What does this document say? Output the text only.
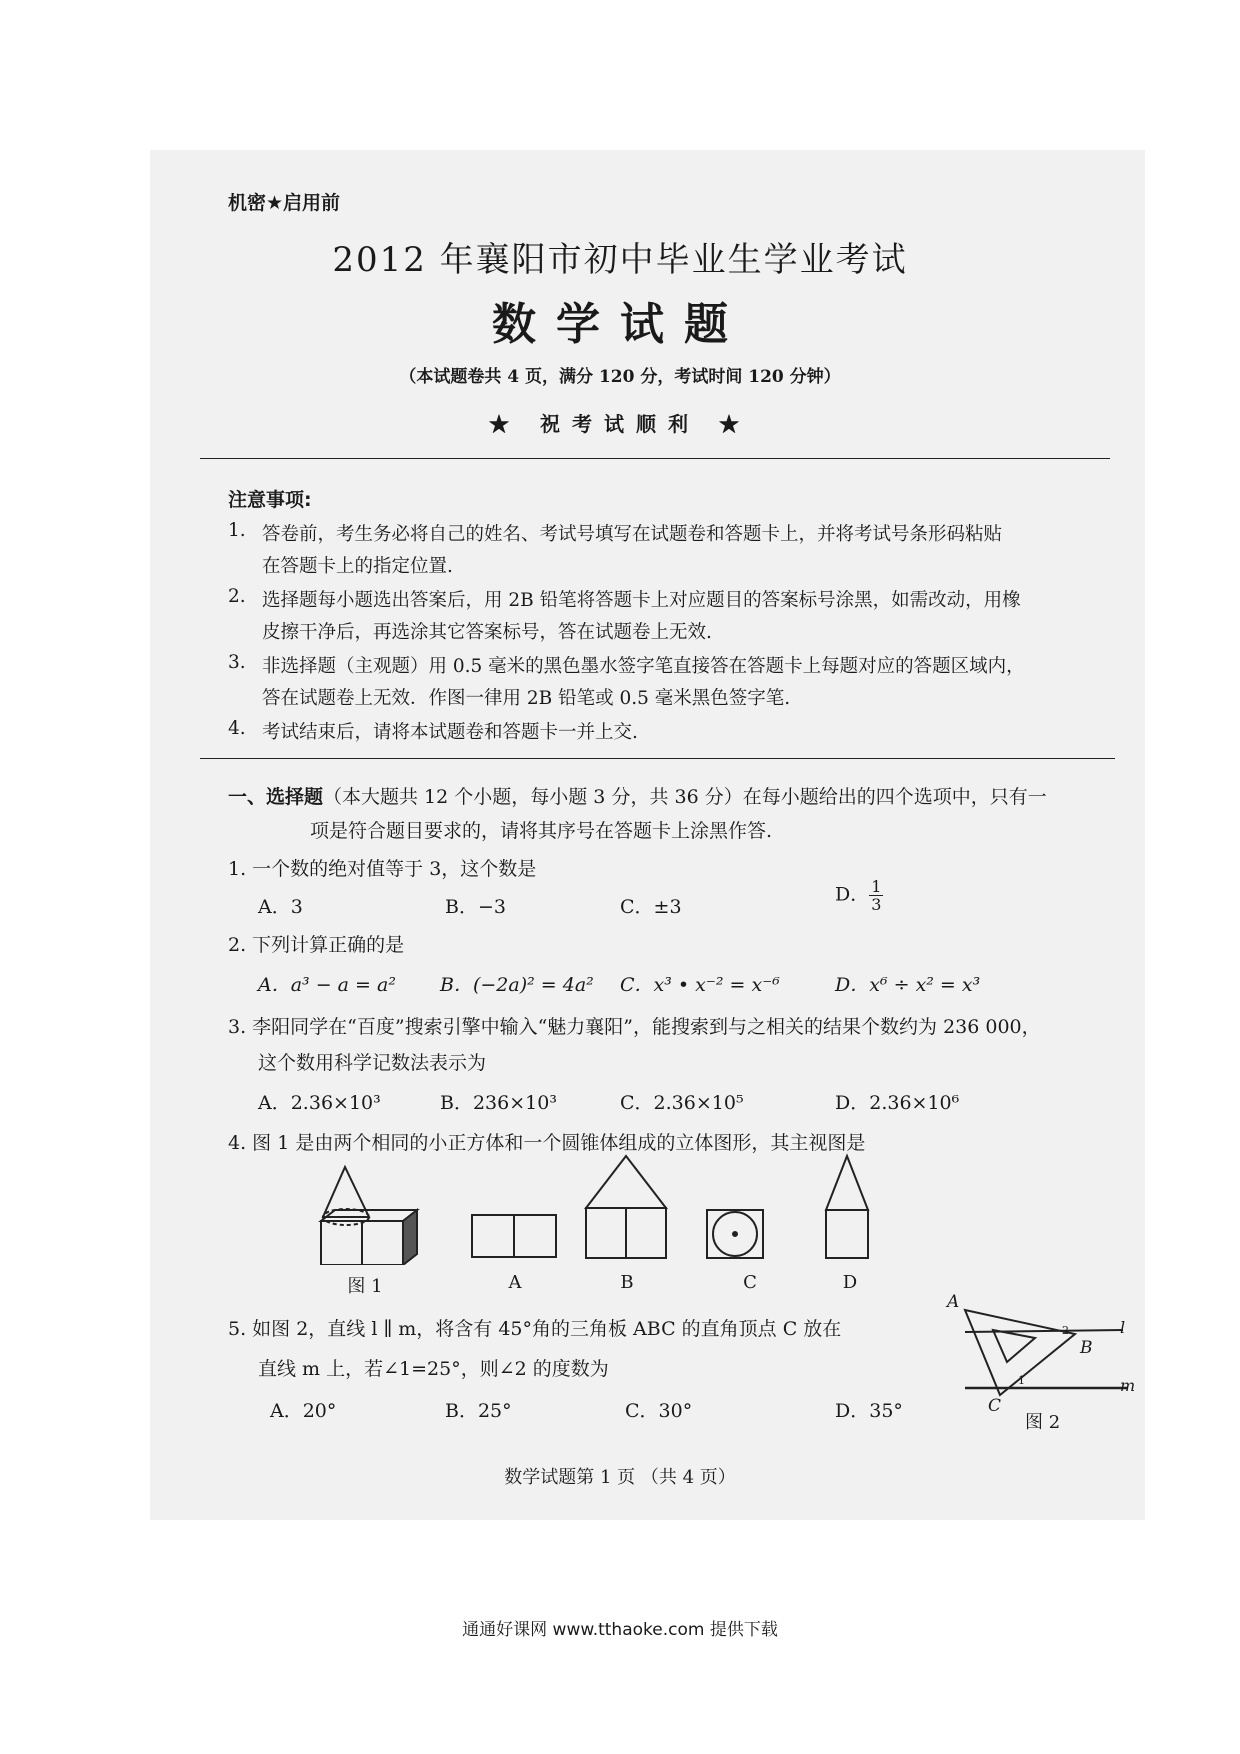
机密★启用前
2012 年襄阳市初中毕业生学业考试
数学试题
（本试题卷共 4 页，满分 120 分，考试时间 120 分钟）
★ 祝考试顺利 ★
注意事项:
1. 答卷前，考生务必将自己的姓名、考试号填写在试题卷和答题卡上，并将考试号条形码粘贴
在答题卡上的指定位置.
2. 选择题每小题选出答案后，用 2B 铅笔将答题卡上对应题目的答案标号涂黑，如需改动，用橡
皮擦干净后，再选涂其它答案标号，答在试题卷上无效.
3. 非选择题（主观题）用 0.5 毫米的黑色墨水签字笔直接答在答题卡上每题对应的答题区域内，
答在试题卷上无效．作图一律用 2B 铅笔或 0.5 毫米黑色签字笔.
4. 考试结束后，请将本试题卷和答题卡一并上交.
一、选择题（本大题共 12 个小题，每小题 3 分，共 36 分）在每小题给出的四个选项中，只有一
项是符合题目要求的，请将其序号在答题卡上涂黑作答.
1. 一个数的绝对值等于 3，这个数是
A．3	B．−3	C．±3
D． $\frac{1}{3}$
2. 下列计算正确的是
A．a³ − a = a² B．(−2a)² = 4a² C．x³ • x⁻² = x⁻⁶	D．x⁶ ÷ x² = x³
3. 李阳同学在“百度”搜索引擎中输入“魅力襄阳”，能搜索到与之相关的结果个数约为 236 000，
这个数用科学记数法表示为
A．2.36×10³	B．236×10³	C．2.36×10⁵	D．2.36×10⁶
4. 图 1 是由两个相同的小正方体和一个圆锥体组成的立体图形，其主视图是
图 1	A	B	C	D
5. 如图 2，直线 l ∥ m，将含有 45°角的三角板 ABC 的直角顶点 C 放在
直线 m 上，若∠1=25°，则∠2 的度数为
A．20°	B．25°	C．30°	D．35°
A
B
C
l
m
1
2
图 2
数学试题第 1 页 （共 4 页）
通通好课网 www.tthaoke.com 提供下载
